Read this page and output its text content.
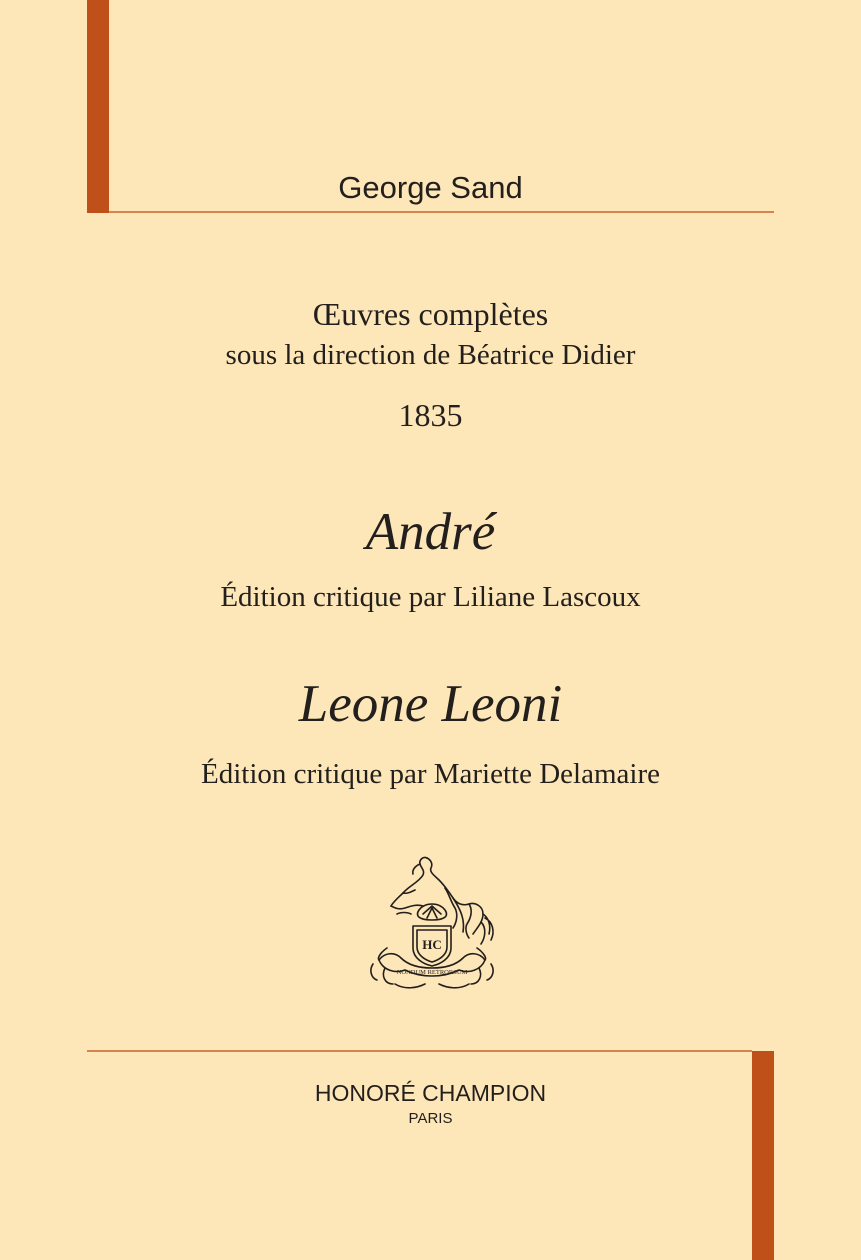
George Sand
Œuvres complètes
sous la direction de Béatrice Didier
1835
André
Édition critique par Liliane Lascoux
Leone Leoni
Édition critique par Mariette Delamaire
HC
NONDUM RETRORSUM
HONORÉ CHAMPION
PARIS
